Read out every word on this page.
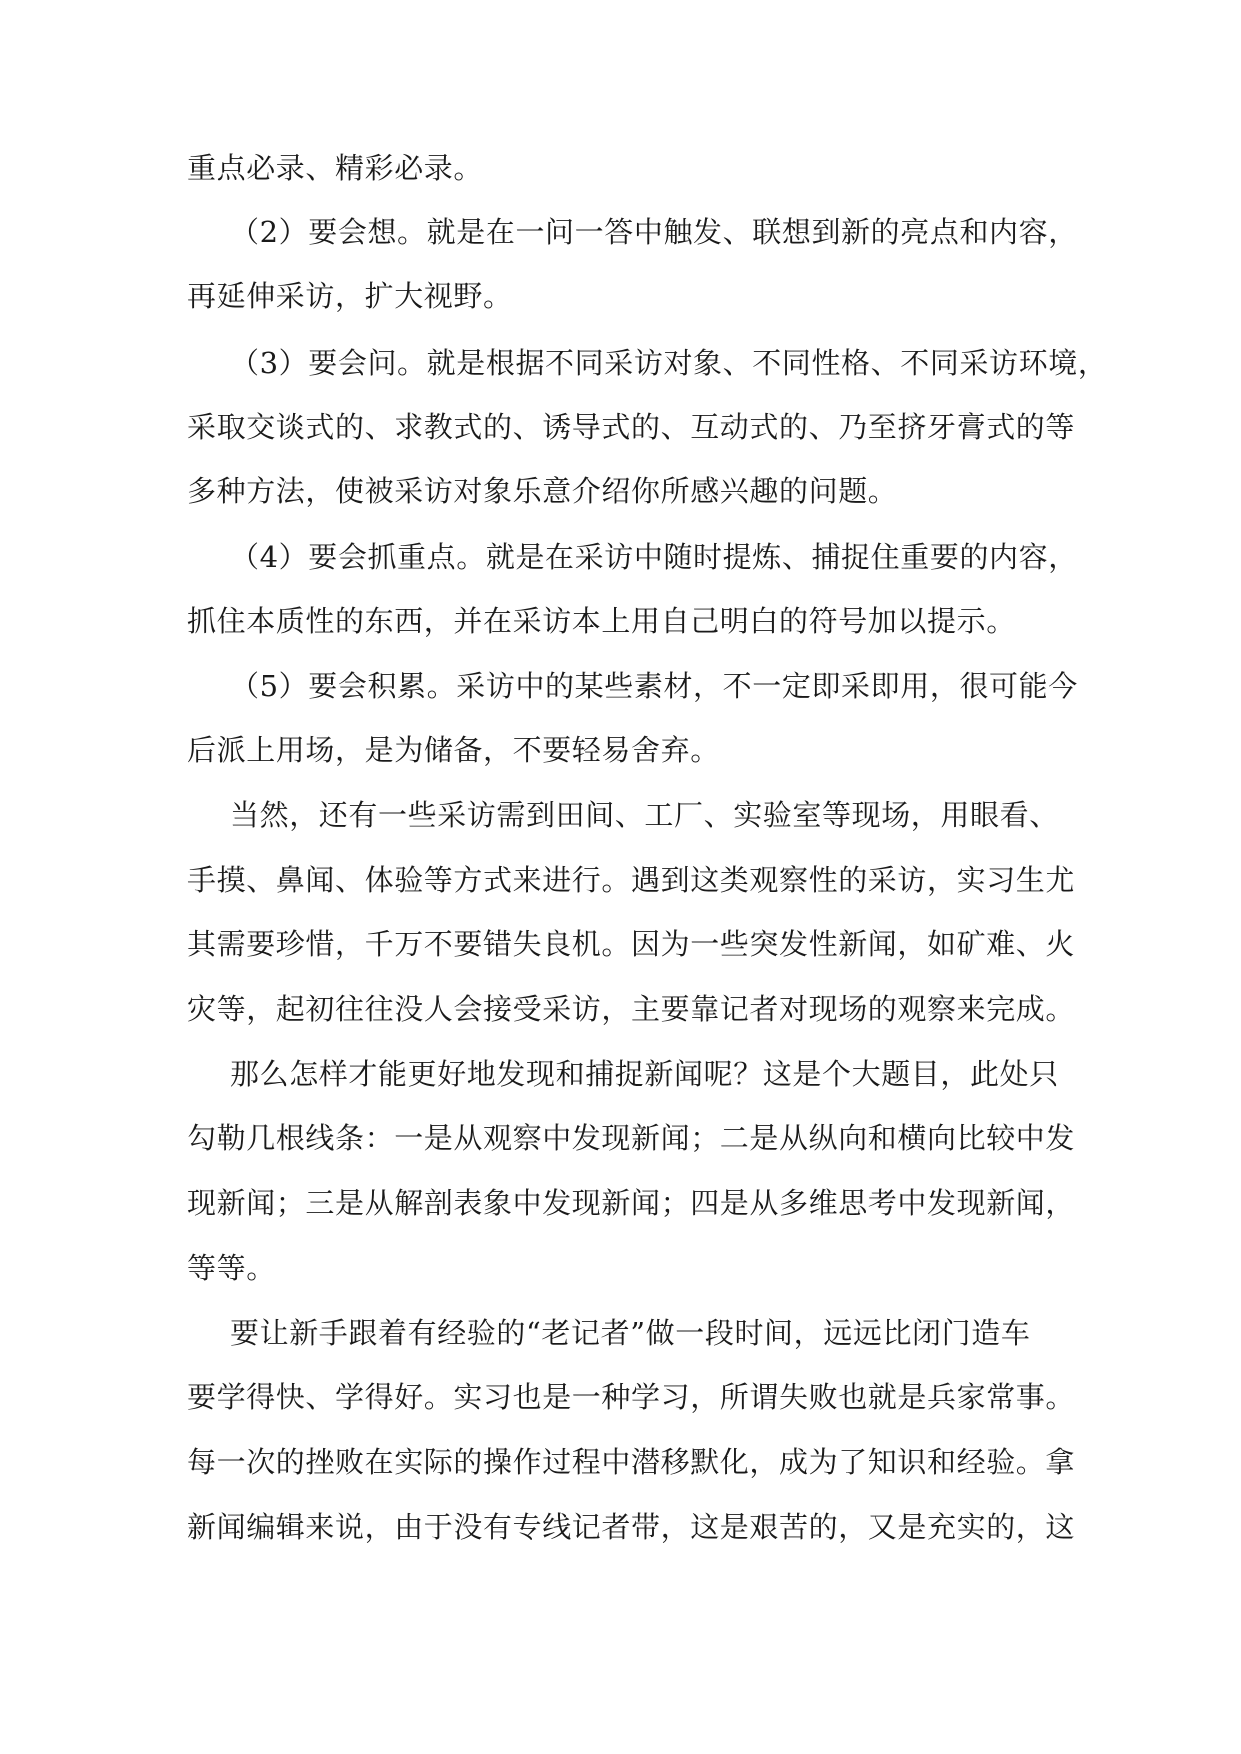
重点必录、精彩必录。
（2）要会想。就是在一问一答中触发、联想到新的亮点和内容，
再延伸采访，扩大视野。
（3）要会问。就是根据不同采访对象、不同性格、不同采访环境，
采取交谈式的、求教式的、诱导式的、互动式的、乃至挤牙膏式的等
多种方法，使被采访对象乐意介绍你所感兴趣的问题。
（4）要会抓重点。就是在采访中随时提炼、捕捉住重要的内容，
抓住本质性的东西，并在采访本上用自己明白的符号加以提示。
（5）要会积累。采访中的某些素材，不一定即采即用，很可能今
后派上用场，是为储备，不要轻易舍弃。
当然，还有一些采访需到田间、工厂、实验室等现场，用眼看、
手摸、鼻闻、体验等方式来进行。遇到这类观察性的采访，实习生尤
其需要珍惜，千万不要错失良机。因为一些突发性新闻，如矿难、火
灾等，起初往往没人会接受采访，主要靠记者对现场的观察来完成。
那么怎样才能更好地发现和捕捉新闻呢？这是个大题目，此处只
勾勒几根线条：一是从观察中发现新闻；二是从纵向和横向比较中发
现新闻；三是从解剖表象中发现新闻；四是从多维思考中发现新闻，
等等。
要让新手跟着有经验的“老记者”做一段时间，远远比闭门造车
要学得快、学得好。实习也是一种学习，所谓失败也就是兵家常事。
每一次的挫败在实际的操作过程中潜移默化，成为了知识和经验。拿
新闻编辑来说，由于没有专线记者带，这是艰苦的，又是充实的，这
